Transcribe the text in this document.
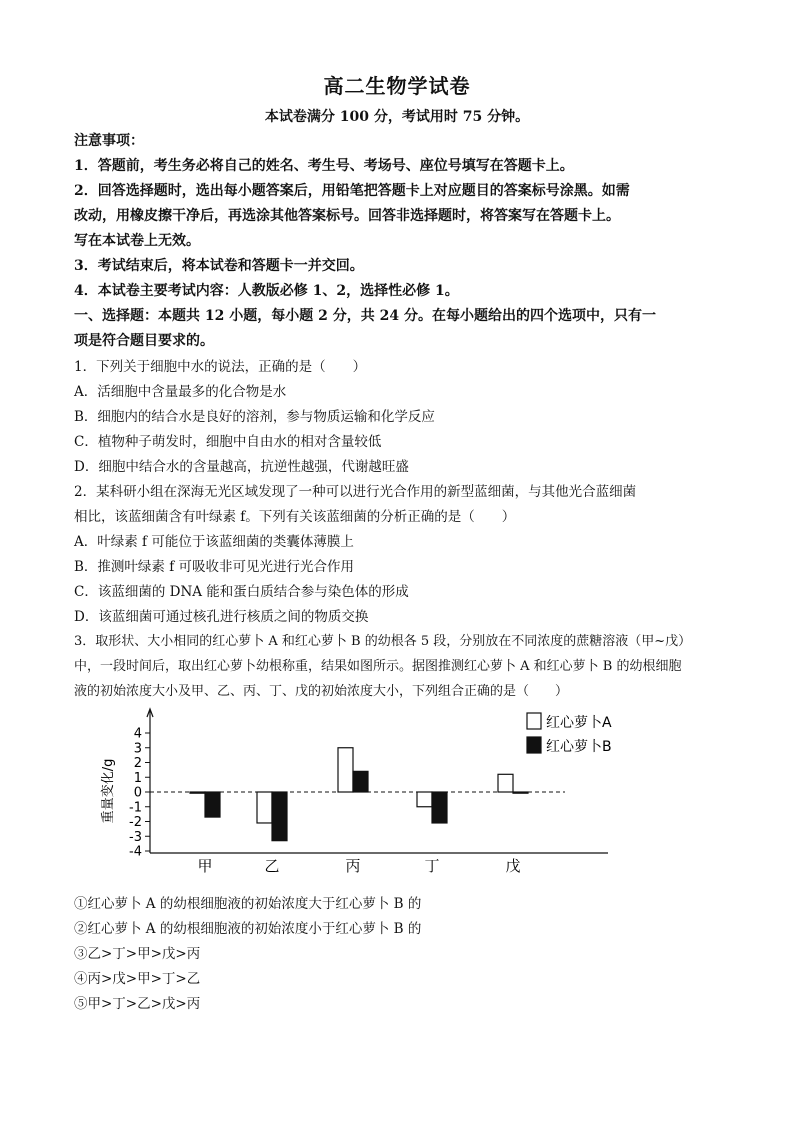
高二生物学试卷
本试卷满分 100 分，考试用时 75 分钟。
注意事项：
1．答题前，考生务必将自己的姓名、考生号、考场号、座位号填写在答题卡上。
2．回答选择题时，选出每小题答案后，用铅笔把答题卡上对应题目的答案标号涂黑。如需
改动，用橡皮擦干净后，再选涂其他答案标号。回答非选择题时，将答案写在答题卡上。
写在本试卷上无效。
3．考试结束后，将本试卷和答题卡一并交回。
4．本试卷主要考试内容：人教版必修 1、2，选择性必修 1。
一、选择题：本题共 12 小题，每小题 2 分，共 24 分。在每小题给出的四个选项中，只有一
项是符合题目要求的。
1．下列关于细胞中水的说法，正确的是（　　）
A．活细胞中含量最多的化合物是水
B．细胞内的结合水是良好的溶剂，参与物质运输和化学反应
C．植物种子萌发时，细胞中自由水的相对含量较低
D．细胞中结合水的含量越高，抗逆性越强，代谢越旺盛
2．某科研小组在深海无光区域发现了一种可以进行光合作用的新型蓝细菌，与其他光合蓝细菌
相比，该蓝细菌含有叶绿素 f。下列有关该蓝细菌的分析正确的是（　　）
A．叶绿素 f 可能位于该蓝细菌的类囊体薄膜上
B．推测叶绿素 f 可吸收非可见光进行光合作用
C．该蓝细菌的 DNA 能和蛋白质结合参与染色体的形成
D．该蓝细菌可通过核孔进行核质之间的物质交换
3．取形状、大小相同的红心萝卜 A 和红心萝卜 B 的幼根各 5 段，分别放在不同浓度的蔗糖溶液（甲~戊）
中，一段时间后，取出红心萝卜幼根称重，结果如图所示。据图推测红心萝卜 A 和红心萝卜 B 的幼根细胞
液的初始浓度大小及甲、乙、丙、丁、戊的初始浓度大小，下列组合正确的是（　　）
4
3
2
1
0
-1
-2
-3
-4
重量变化/g
甲	乙	丙	丁	戊
红心萝卜A
红心萝卜B
①红心萝卜 A 的幼根细胞液的初始浓度大于红心萝卜 B 的
②红心萝卜 A 的幼根细胞液的初始浓度小于红心萝卜 B 的
③乙>丁>甲>戊>丙
④丙>戊>甲>丁>乙
⑤甲>丁>乙>戊>丙
